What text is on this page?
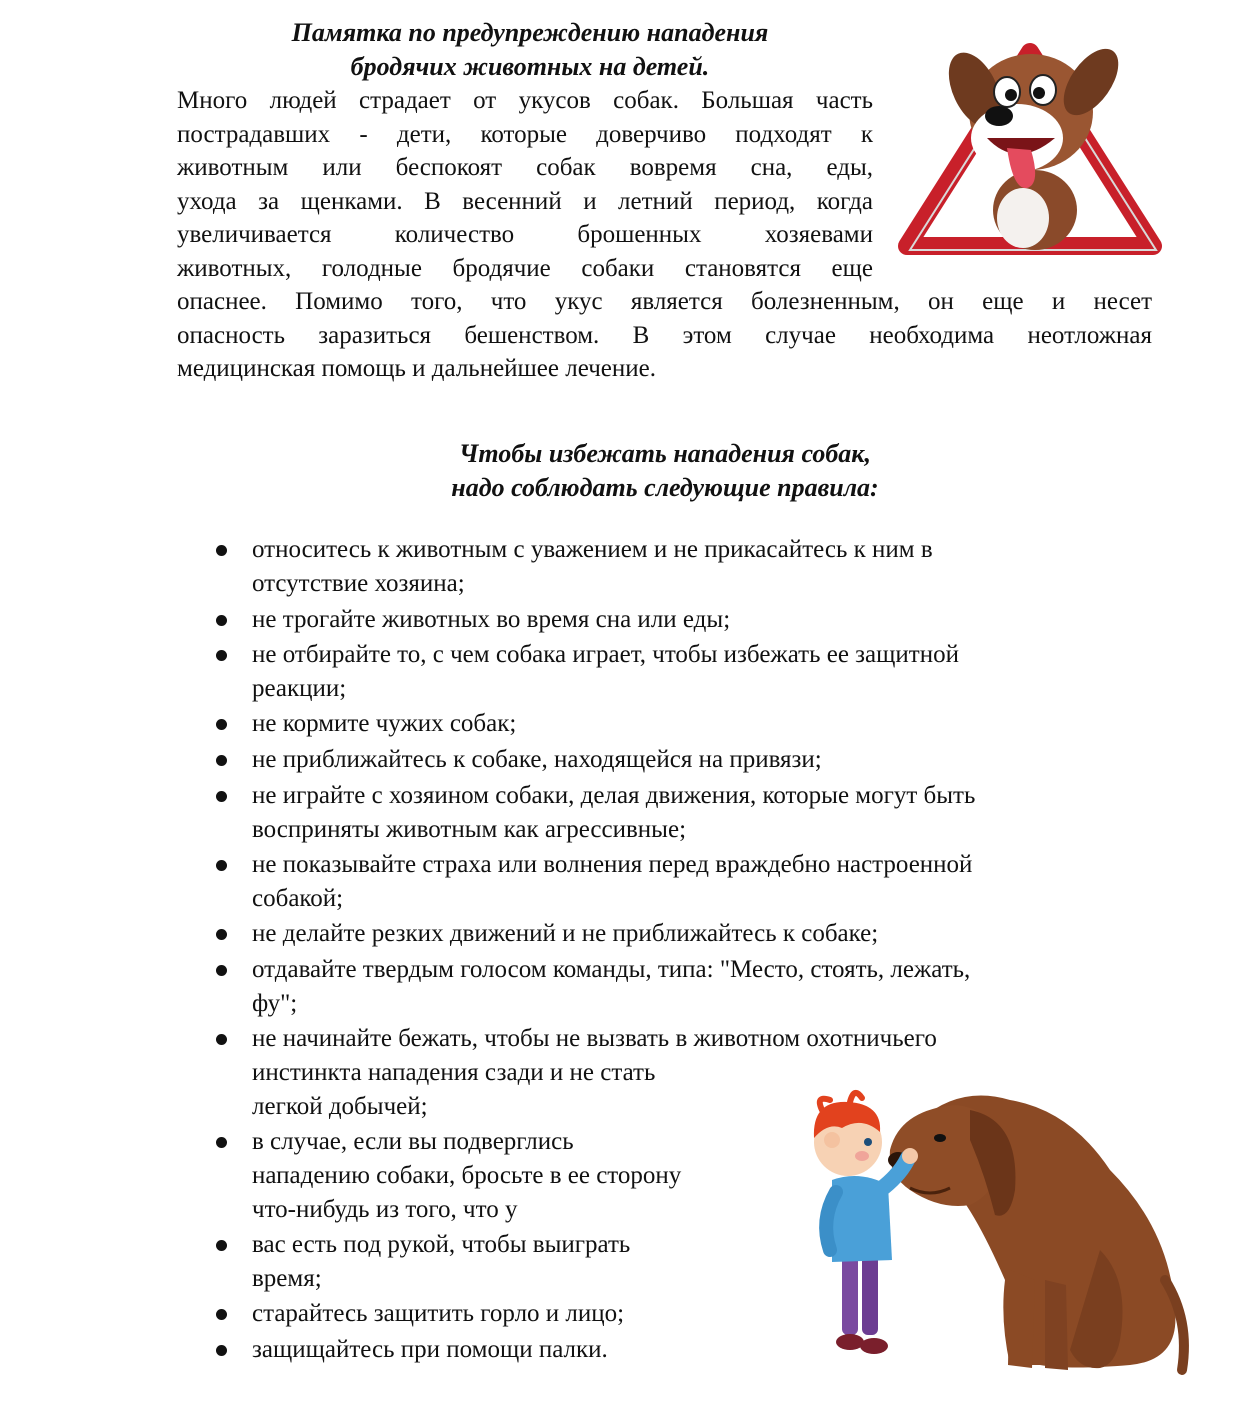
Памятка по предупреждению нападения
бродячих животных на детей.
Много людей страдает от укусов собак. Большая часть
пострадавших - дети, которые доверчиво подходят к
животным или беспокоят собак вовремя сна, еды,
ухода за щенками. В весенний и летний период, когда
увеличивается количество брошенных хозяевами
животных, голодные бродячие собаки становятся еще
опаснее. Помимо того, что укус является болезненным, он еще и несет
опасность заразиться бешенством. В этом случае необходима неотложная
медицинская помощь и дальнейшее лечение.
Чтобы избежать нападения собак,
надо соблюдать следующие правила:
относитесь к животным с уважением и не прикасайтесь к ним в
отсутствие хозяина;
не трогайте животных во время сна или еды;
не отбирайте то, с чем собака играет, чтобы избежать ее защитной
реакции;
не кормите чужих собак;
не приближайтесь к собаке, находящейся на привязи;
не играйте с хозяином собаки, делая движения, которые могут быть
восприняты животным как агрессивные;
не показывайте страха или волнения перед враждебно настроенной
собакой;
не делайте резких движений и не приближайтесь к собаке;
отдавайте твердым голосом команды, типа: "Место, стоять, лежать,
фу";
не начинайте бежать, чтобы не вызвать в животном охотничьего
инстинкта нападения сзади и не стать
легкой добычей;
в случае, если вы подверглись
нападению собаки, бросьте в ее сторону
что-нибудь из того, что у
вас есть под рукой, чтобы выиграть
время;
старайтесь защитить горло и лицо;
защищайтесь при помощи палки.
